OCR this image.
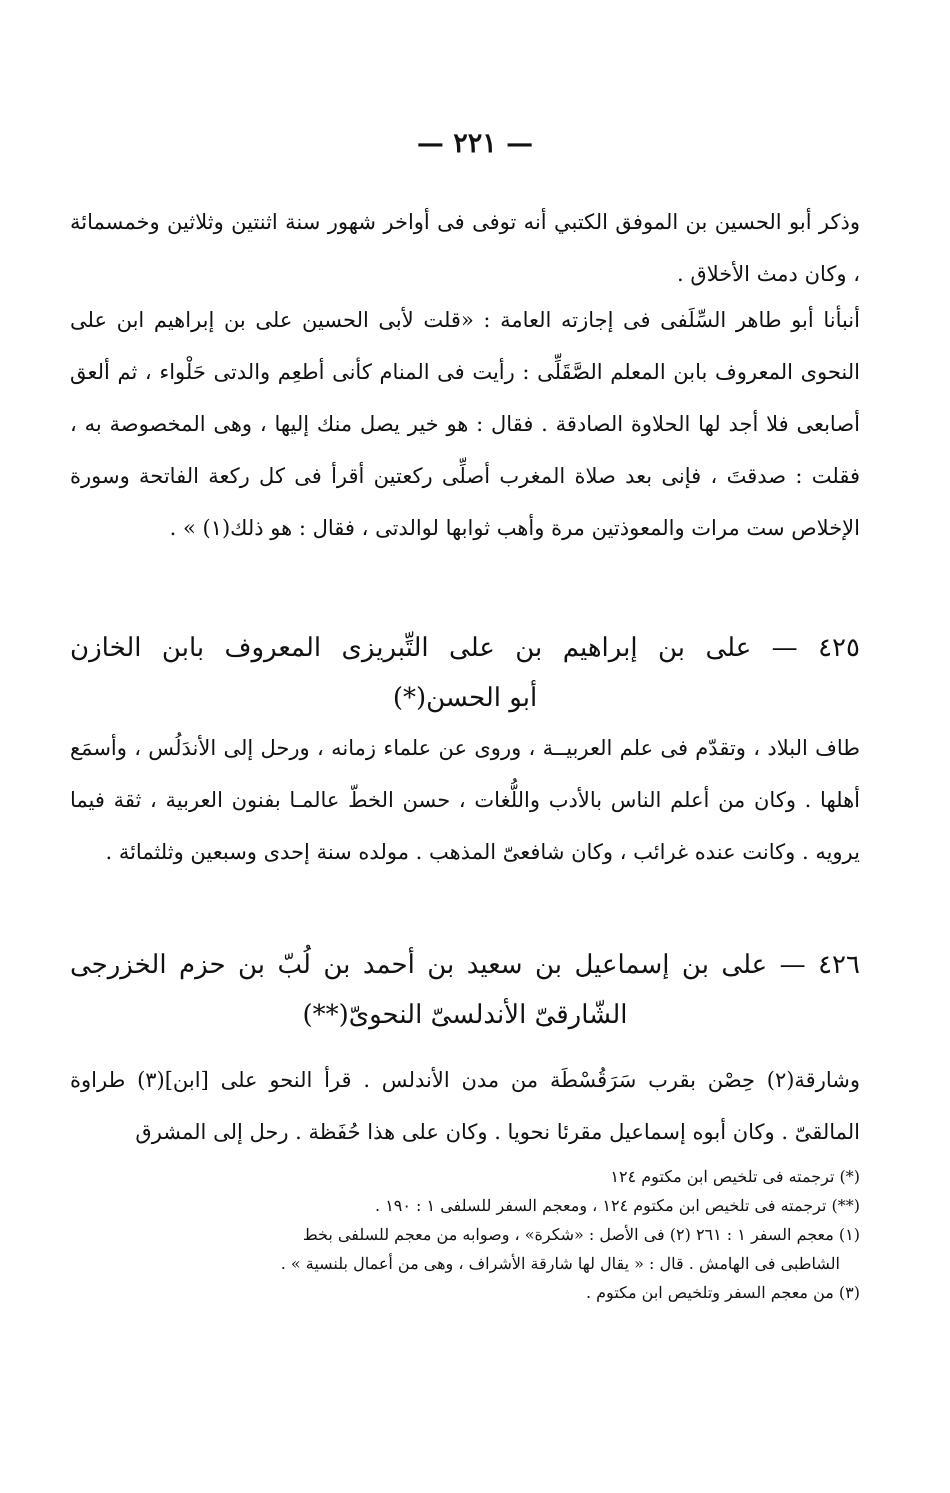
— ٢٢١ —

وذكر أبو الحسين بن الموفق الكتبي أنه توفى فى أواخر شهور سنة اثنتين وثلاثين وخمسمائة ، وكان دمث الأخلاق .

أنبأنا أبو طاهر السِّلَفى فى إجازته العامة : «قلت لأبى الحسين على بن إبراهيم ابن على النحوى المعروف بابن المعلم الصَّقَلِّى : رأيت فى المنام كأنى أطعِم والدتى حَلْواء ، ثم ألعق أصابعى فلا أجد لها الحلاوة الصادقة . فقال : هو خير يصل منك إليها ، وهى المخصوصة به ، فقلت : صدقتَ ، فإنى بعد صلاة المغرب أصلِّى ركعتين أقرأ فى كل ركعة الفاتحة وسورة الإخلاص ست مرات والمعوذتين مرة وأهب ثوابها لوالدتى ، فقال : هو ذلك(١) » .

٤٢٥ — على بن إبراهيم بن على التِّبريزى المعروف بابن الخازن
أبو الحسن(*)

طاف البلاد ، وتقدّم فى علم العربيــة ، وروى عن علماء زمانه ، ورحل إلى الأندَلُس ، وأسمَع أهلها . وكان من أعلم الناس بالأدب واللُّغات ، حسن الخطّ عالمـا بفنون العربية ، ثقة فيما يرويه . وكانت عنده غرائب ، وكان شافعىّ المذهب . مولده سنة إحدى وسبعين وثلثمائة .

٤٢٦ — على بن إسماعيل بن سعيد بن أحمد بن لُبّ بن حزم الخزرجى
الشّارقىّ الأندلسىّ النحوىّ(**)

وشارقة(٢) حِصْن بقرب سَرَقُسْطَة من مدن الأندلس . قرأ النحو على [ابن](٣) طراوة المالقىّ . وكان أبوه إسماعيل مقرئا نحويا . وكان على هذا حُفَظة . رحل إلى المشرق

(*) ترجمته فى تلخيص ابن مكتوم ١٢٤
(**) ترجمته فى تلخيص ابن مكتوم ١٢٤ ، ومعجم السفر للسلفى ١ : ١٩٠ .
(١) معجم السفر ١ : ٢٦١ (٢) فى الأصل : «شكرة» ، وصوابه من معجم للسلفى بخط
الشاطبى فى الهامش . قال : « يقال لها شارقة الأشراف ، وهى من أعمال بلنسية » .
(٣) من معجم السفر وتلخيص ابن مكتوم .
